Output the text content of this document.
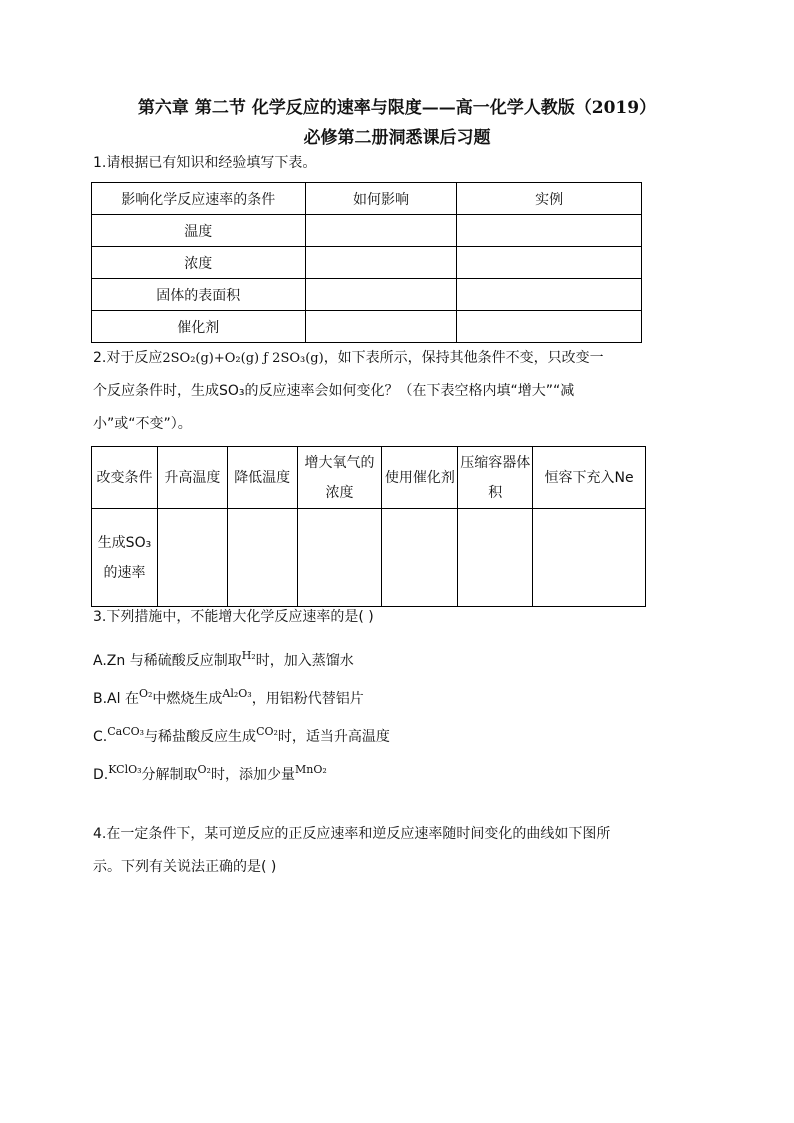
第六章 第二节 化学反应的速率与限度——高一化学人教版（2019）
必修第二册洞悉课后习题
1.请根据已有知识和经验填写下表。
影响化学反应速率的条件	如何影响	实例
温度		
浓度		
固体的表面积		
催化剂		
2.对于反应2SO₂(g)+O₂(g) ƒ 2SO₃(g)，如下表所示，保持其他条件不变，只改变一
个反应条件时，生成SO₃的反应速率会如何变化？（在下表空格内填“增大”“减
小”或“不变”）。
改变条件	升高温度	降低温度	增大氧气的浓度	使用催化剂	压缩容器体积	恒容下充入Ne
生成SO₃的速率						
3.下列措施中，不能增大化学反应速率的是( )
A.Zn 与稀硫酸反应制取$^{H_2}$时，加入蒸馏水
B.Al 在$^{O_2}$中燃烧生成$^{Al_2O_3}$，用铝粉代替铝片
C.$^{CaCO_3}$与稀盐酸反应生成$^{CO_2}$时，适当升高温度
D.$^{KClO_3}$分解制取$^{O_2}$时，添加少量$^{MnO_2}$
4.在一定条件下，某可逆反应的正反应速率和逆反应速率随时间变化的曲线如下图所
示。下列有关说法正确的是( )
